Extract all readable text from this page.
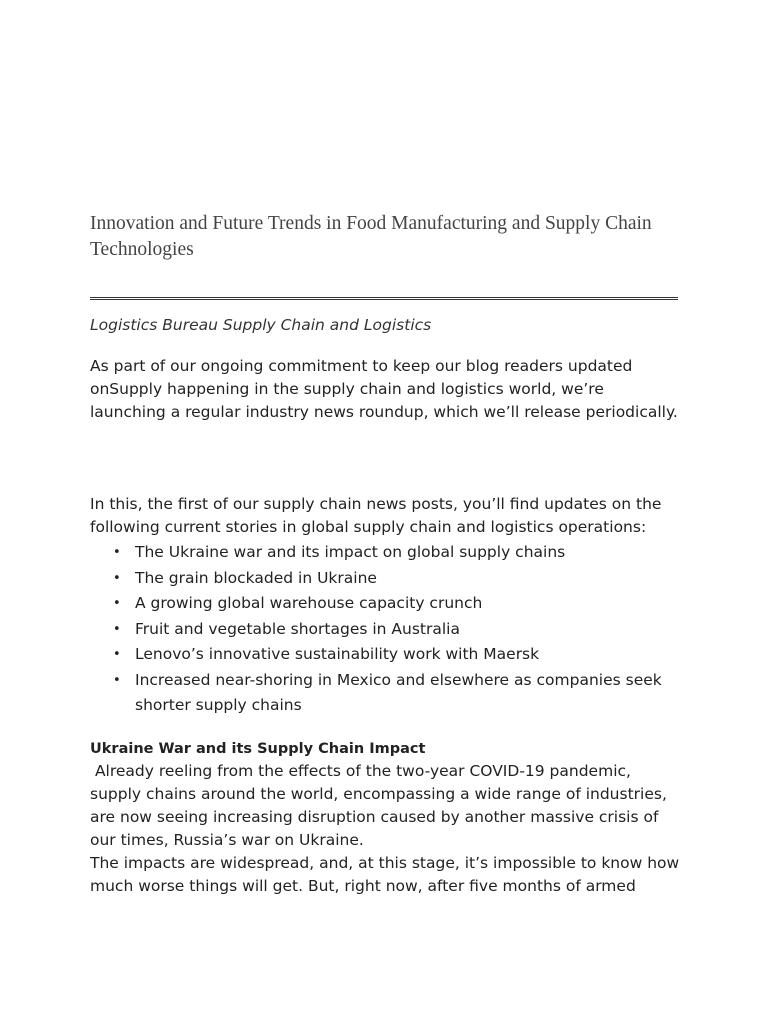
Innovation and Future Trends in Food Manufacturing and Supply Chain Technologies

Logistics Bureau Supply Chain and Logistics

As part of our ongoing commitment to keep our blog readers updated onSupply happening in the supply chain and logistics world, we’re launching a regular industry news roundup, which we’ll release periodically.

In this, the first of our supply chain news posts, you’ll find updates on the following current stories in global supply chain and logistics operations:

• The Ukraine war and its impact on global supply chains
• The grain blockaded in Ukraine
• A growing global warehouse capacity crunch
• Fruit and vegetable shortages in Australia
• Lenovo’s innovative sustainability work with Maersk
• Increased near-shoring in Mexico and elsewhere as companies seek shorter supply chains
Ukraine War and its Supply Chain Impact
Already reeling from the effects of the two-year COVID-19 pandemic, supply chains around the world, encompassing a wide range of industries, are now seeing increasing disruption caused by another massive crisis of our times, Russia’s war on Ukraine.
The impacts are widespread, and, at this stage, it’s impossible to know how much worse things will get. But, right now, after five months of armed
